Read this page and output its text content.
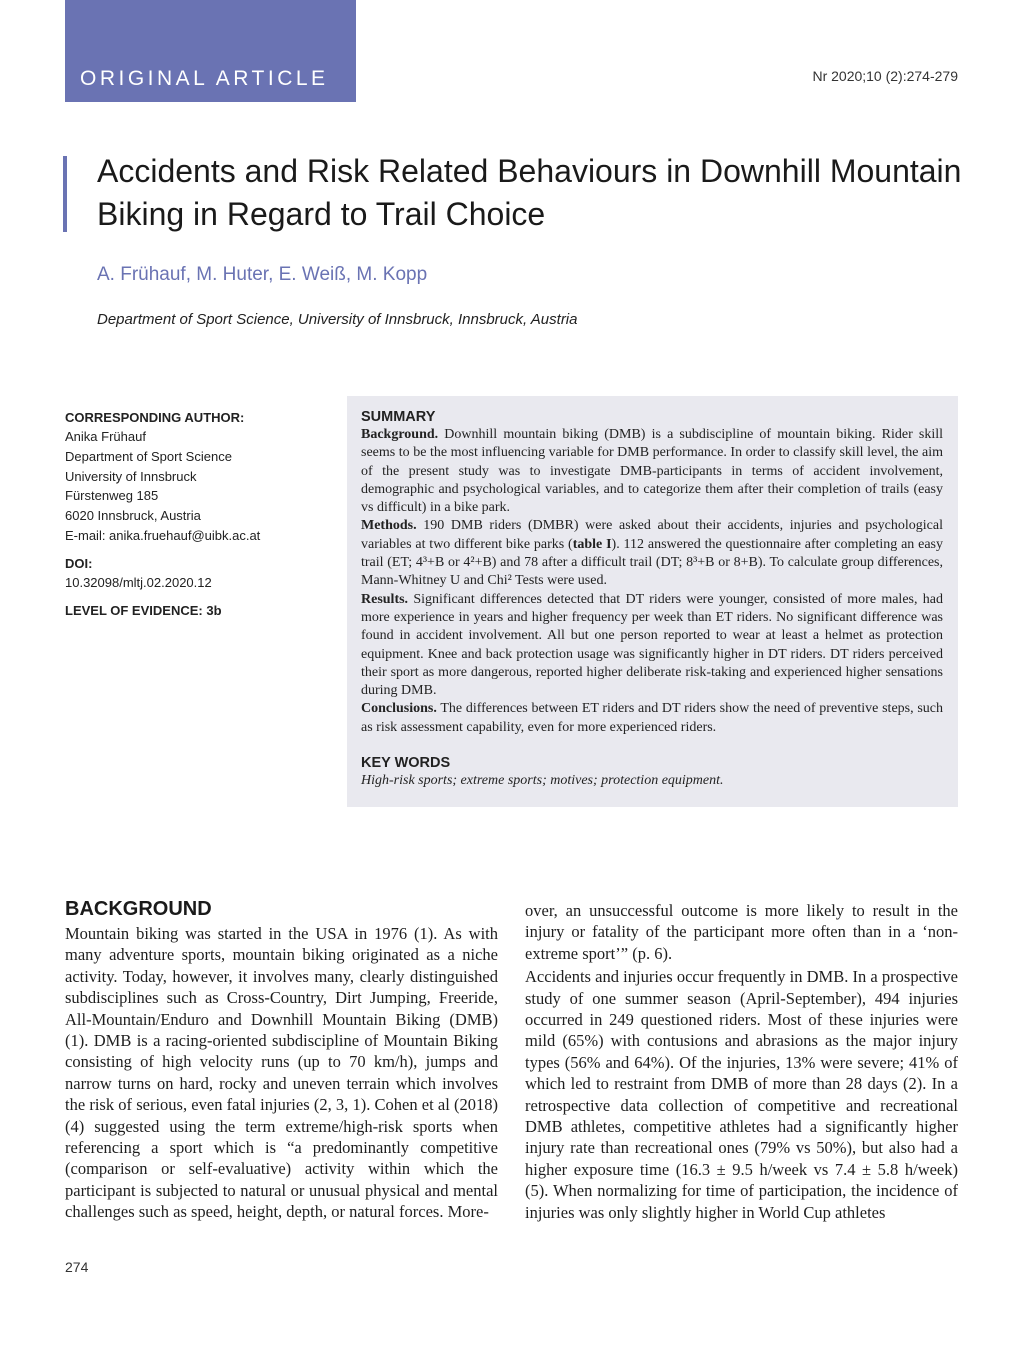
ORIGINAL ARTICLE	Nr 2020;10 (2):274-279
Accidents and Risk Related Behaviours in Downhill Mountain Biking in Regard to Trail Choice
A. Frühauf, M. Huter, E. Weiß, M. Kopp
Department of Sport Science, University of Innsbruck, Innsbruck, Austria
CORRESPONDING AUTHOR:
Anika Frühauf
Department of Sport Science
University of Innsbruck
Fürstenweg 185
6020 Innsbruck, Austria
E-mail: anika.fruehauf@uibk.ac.at
DOI:
10.32098/mltj.02.2020.12
LEVEL OF EVIDENCE: 3b
SUMMARY
Background. Downhill mountain biking (DMB) is a subdiscipline of mountain biking. Rider skill seems to be the most influencing variable for DMB performance. In order to classify skill level, the aim of the present study was to investigate DMB-participants in terms of accident involvement, demographic and psychological variables, and to categorize them after their completion of trails (easy vs difficult) in a bike park.
Methods. 190 DMB riders (DMBR) were asked about their accidents, injuries and psychological variables at two different bike parks (table I). 112 answered the questionnaire after completing an easy trail (ET; 4³+B or 4²+B) and 78 after a difficult trail (DT; 8³+B or 8+B). To calculate group differences, Mann-Whitney U and Chi² Tests were used.
Results. Significant differences detected that DT riders were younger, consisted of more males, had more experience in years and higher frequency per week than ET riders. No significant difference was found in accident involvement. All but one person reported to wear at least a helmet as protection equipment. Knee and back protection usage was significantly higher in DT riders. DT riders perceived their sport as more dangerous, reported higher deliberate risk-taking and experienced higher sensations during DMB.
Conclusions. The differences between ET riders and DT riders show the need of preventive steps, such as risk assessment capability, even for more experienced riders.
KEY WORDS
High-risk sports; extreme sports; motives; protection equipment.
BACKGROUND

Mountain biking was started in the USA in 1976 (1). As with many adventure sports, mountain biking originated as a niche activity. Today, however, it involves many, clearly distinguished subdisciplines such as Cross-Country, Dirt Jumping, Freeride, All-Mountain/Enduro and Downhill Mountain Biking (DMB) (1). DMB is a racing-oriented subdiscipline of Mountain Biking consisting of high velocity runs (up to 70 km/h), jumps and narrow turns on hard, rocky and uneven terrain which involves the risk of serious, even fatal injuries (2, 3, 1). Cohen et al (2018) (4) suggested using the term extreme/high-risk sports when referencing a sport which is “a predominantly competitive (comparison or self-evaluative) activity within which the participant is subjected to natural or unusual physical and mental challenges such as speed, height, depth, or natural forces. More-

over, an unsuccessful outcome is more likely to result in the injury or fatality of the participant more often than in a ‘non-extreme sport’” (p. 6).

Accidents and injuries occur frequently in DMB. In a prospective study of one summer season (April-September), 494 injuries occurred in 249 questioned riders. Most of these injuries were mild (65%) with contusions and abrasions as the major injury types (56% and 64%). Of the injuries, 13% were severe; 41% of which led to restraint from DMB of more than 28 days (2). In a retrospective data collection of competitive and recreational DMB athletes, competitive athletes had a significantly higher injury rate than recreational ones (79% vs 50%), but also had a higher exposure time (16.3 ± 9.5 h/week vs 7.4 ± 5.8 h/week) (5). When normalizing for time of participation, the incidence of injuries was only slightly higher in World Cup athletes

274
